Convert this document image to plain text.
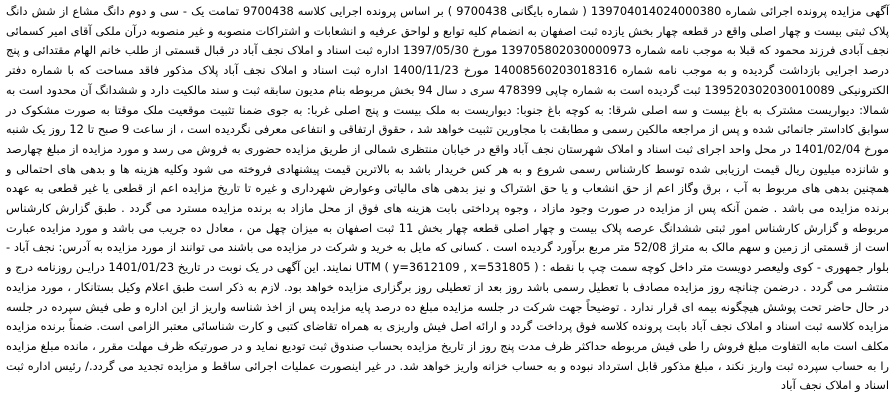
آگهی مزایده پرونده اجرائی شماره 139704014024000380 ( شماره بایگانی 9700438 ) بر اساس پرونده اجرایی کلاسه 9700438 تمامت یک - سی و دوم دانگ مشاع از شش دانگ پلاک ثبتی بیست و چهار اصلی واقع در قطعه چهار بخش یازده ثبت اصفهان به انضمام کلیه توابع و لواحق عرفیه و انشعابات و اشتراکات منصوبه و غیر منصوبه درآن ملکی آقای امیر کسمائی نجف آبادی فرزند محمود که قبلا به موجب نامه شماره 139705802030000973 مورخ 1397/05/30 اداره ثبت اسناد و املاک نجف آباد در قبال قسمتی از طلب خانم الهام مقتدائی و پنج درصد اجرایی بازداشت گردیده و به موجب نامه شماره 14008560203018316 مورخ 1400/11/23 اداره ثبت اسناد و املاک نجف آباد پلاک مذکور فاقد مساحت که با شماره دفتر الکترونیکی 139520302030010089 ثبت گردیده است به شماره چاپی 478399 سری د سال 94 بخش مربوطه بنام مدیون سابقه ثبت و سند مالکیت دارد و ششدانگ آن محدود است به شمالا: دیواریست مشترک به باغ بیست و سه اصلی شرقا: به کوچه باغ جنوبا: دیواریست به ملک بیست و پنج اصلی غربا: به جوی ضمنا تثبیت موقعیت ملک موقتا به صورت مشکوک در سوابق کاداستر جانمائی شده و پس از مراجعه مالکین رسمی و مطابقت با مجاورین تثبیت خواهد شد ، حقوق ارتفاقی و انتفاعی معرفی نگردیده است ، از ساعت 9 صبح تا 12 روز یک شنبه مورخ 1401/02/04 در محل واحد اجرای ثبت اسناد و املاک شهرستان نجف آباد واقع در خیابان منتظری شمالی از طریق مزایده حضوری به فروش می رسد و مورد مزایده از مبلغ چهارصد و شانزده میلیون ریال قیمت ارزیابی شده توسط کارشناس رسمی شروع و به هر کس خریدار باشد به بالاترین قیمت پیشنهادی فروخته می شود وکلیه هزینه ها و بدهی های احتمالی و همچنین بدهی های مربوط به آب ، برق وگاز اعم از حق انشعاب و یا حق اشتراک و نیز بدهی های مالیاتی وعوارض شهرداری و غیره تا تاریخ مزایده اعم از قطعی یا غیر قطعی به عهده برنده مزایده می باشد . ضمن آنکه پس از مزایده در صورت وجود مازاد ، وجوه پرداختی بابت هزینه های فوق از محل مازاد به برنده مزایده مسترد می گردد . طبق گزارش کارشناس مربوطه و گزارش کارشناس امور ثبتی ششدانگ عرصه پلاک بیست و چهار اصلی قطعه چهار بخش 11 ثبت اصفهان به میزان چهل من ، معادل ده جریب می باشد و مورد مزایده عبارت است از قسمتی از زمین و سهم مالک به متراژ 52/08 متر مربع برآورد گردیده است . کسانی که مایل به خرید و شرکت در مزایده می باشند می توانند از مورد مزایده به آدرس: نجف آباد - بلوار جمهوری - کوی ولیعصر دویست متر داخل کوچه سمت چپ با نقطه : UTM ( y=3612109 , x=531805 ) نمایند. این آگهی در یک نوبت در تاریخ 1401/01/23 درایـن روزنامه درج و منتشـر می گردد . درضمن چنانچه روز مزایده مصادف با تعطیل رسمی باشد روز بعد از تعطیلی روز برگزاری مزایده خواهد بود. لازم به ذکر است طبق اعلام وکیل بستانکار ، مورد مزایده در حال حاضر تحت پوشش هیچگونه بیمه ای قرار ندارد . توضیحاً جهت شرکت در جلسه مزایده مبلغ ده درصد پایه مزایده پس از اخذ شناسه واریز از این اداره و طی فیش سپرده در جلسه مزایده کلاسه ثبت اسناد و املاک نجف آباد بابت پرونده کلاسه فوق پرداخت گردد و ارائه اصل فیش واریزی به همراه تقاضای کتبی و کارت شناسائی معتبر الزامی است. ضمناً برنده مزایده مکلف است مابه التفاوت مبلغ فروش را طی فیش مربوطه حداکثر ظرف مدت پنج روز از تاریخ مزایده بحساب صندوق ثبت تودیع نماید و در صورتیکه ظرف مهلت مقرر ، مانده مبلغ مزایده را به حساب سپرده ثبت واریز نکند ، مبلغ مذکور قابل استرداد نبوده و به حساب خزانه واریز خواهد شد. در غیر اینصورت عملیات اجرائی ساقط و مزایده تجدید می گردد./ رئیس اداره ثبت اسناد و املاک نجف آباد
